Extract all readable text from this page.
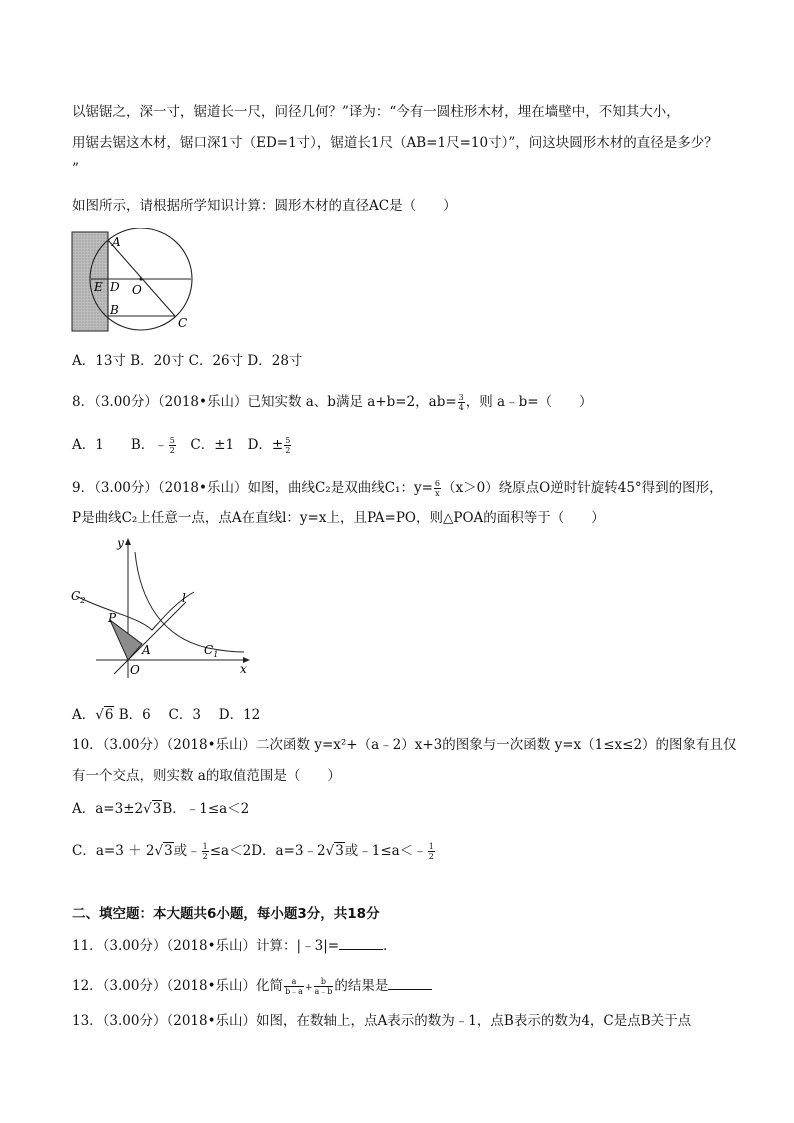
以锯锯之，深一寸，锯道长一尺，问径几何？”译为：“今有一圆柱形木材，埋在墙壁中，不知其大小，
用锯去锯这木材，锯口深1寸（ED=1寸），锯道长1尺（AB=1尺=10寸）”，问这块圆形木材的直径是多少？
”
如图所示，请根据所学知识计算：圆形木材的直径AC是（　　）
A
O
E D
B
C
A．13寸 B．20寸 C．26寸 D．28寸
8．（3.00分）（2018•乐山）已知实数 a、b满足 a+b=2，$ab= \frac{3}{4}$ ，则 a﹣b=（　　）
A．1　　B．﹣ $\frac{5}{2}$ 　C．±1　D．± $\frac{5}{2}$
9．（3.00分）（2018•乐山）如图，曲线C₂是双曲线C₁：$y= \frac{6}{x} (x>0)$绕原点O逆时针旋转45°得到的图形，
P是曲线C₂上任意一点，点A在直线l：y=x上，且PA=PO，则△POA的面积等于（　　）
y
x
$C_2$
$C_1$
l
P
A
O
A．√6 B．6　 C．3　 D．12
10．（3.00分）（2018•乐山）二次函数 y=x²+（a﹣2）x+3的图象与一次函数 y=x（1≤x≤2）的图象有且仅
有一个交点，则实数 a的取值范围是（　　）
A．a=3±2√3B．﹣1≤a＜2
C．a=3 ＋ 2√3或﹣ $\frac{1}{2} \le a<2D$．a=3﹣2√3或﹣1≤a＜﹣ $\frac{1}{2}$
二、填空题：本大题共6小题，每小题3分，共18分
11．（3.00分）（2018•乐山）计算：|﹣3|=	．
12．（3.00分）（2018•乐山）化简 $\frac{a}{b﹣a} + \frac{b}{a﹣b}$ 的结果是
13．（3.00分）（2018•乐山）如图，在数轴上，点A表示的数为﹣1，点B表示的数为4，C是点B关于点
